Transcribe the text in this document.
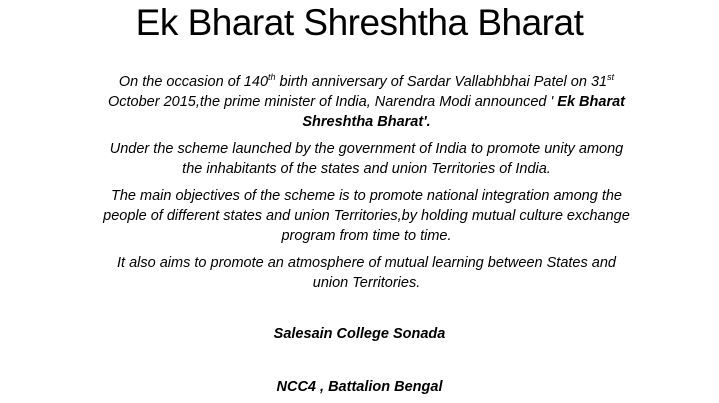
Ek Bharat Shreshtha Bharat

On the occasion of 140th birth anniversary of Sardar Vallabhbhai Patel on 31st October 2015,the prime minister of India, Narendra Modi announced ' Ek Bharat Shreshtha Bharat'.

Under the scheme launched by the government of India to promote unity among the inhabitants of the states and union Territories of India.

The main objectives of the scheme is to promote national integration among the people of different states and union Territories,by holding mutual culture exchange program from time to time.

It also aims to promote an atmosphere of mutual learning between States and union Territories.

Salesain College Sonada
NCC4 , Battalion Bengal
